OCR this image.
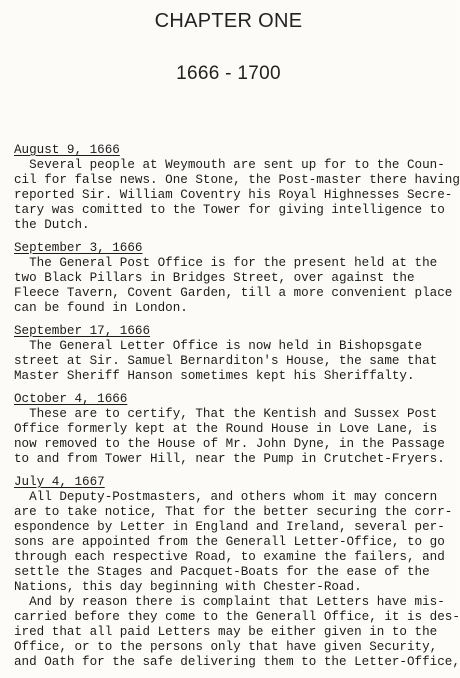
CHAPTER ONE
1666 - 1700
August 9, 1666
Several people at Weymouth are sent up for to the Coun-
cil for false news. One Stone, the Post-master there having
reported Sir. William Coventry his Royal Highnesses Secre-
tary was comitted to the Tower for giving intelligence to
the Dutch.
September 3, 1666
The General Post Office is for the present held at the
two Black Pillars in Bridges Street, over against the
Fleece Tavern, Covent Garden, till a more convenient place
can be found in London.
September 17, 1666
The General Letter Office is now held in Bishopsgate
street at Sir. Samuel Bernarditon's House, the same that
Master Sheriff Hanson sometimes kept his Sheriffalty.
October 4, 1666
These are to certify, That the Kentish and Sussex Post
Office formerly kept at the Round House in Love Lane, is
now removed to the House of Mr. John Dyne, in the Passage
to and from Tower Hill, near the Pump in Crutchet-Fryers.
July 4, 1667
All Deputy-Postmasters, and others whom it may concern
are to take notice, That for the better securing the corr-
espondence by Letter in England and Ireland, several per-
sons are appointed from the Generall Letter-Office, to go
through each respective Road, to examine the failers, and
settle the Stages and Pacquet-Boats for the ease of the
Nations, this day beginning with Chester-Road.
And by reason there is complaint that Letters have mis-
carried before they come to the Generall Office, it is des-
ired that all paid Letters may be either given in to the
Office, or to the persons only that have given Security,
and Oath for the safe delivering them to the Letter-Office,
